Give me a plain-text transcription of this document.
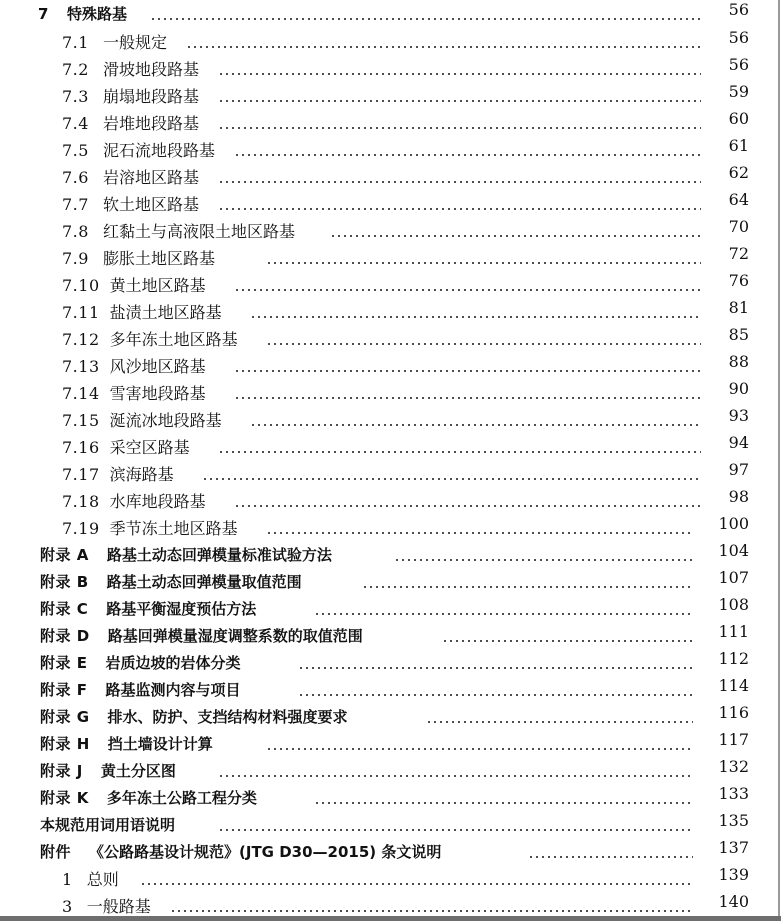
7 特殊路基	56
7.1 一般规定	56
7.2 滑坡地段路基	56
7.3 崩塌地段路基	59
7.4 岩堆地段路基	60
7.5 泥石流地段路基	61
7.6 岩溶地区路基	62
7.7 软土地区路基	64
7.8 红黏土与高液限土地区路基	70
7.9 膨胀土地区路基	72
7.10 黄土地区路基	76
7.11 盐渍土地区路基	81
7.12 多年冻土地区路基	85
7.13 风沙地区路基	88
7.14 雪害地段路基	90
7.15 涎流冰地段路基	93
7.16 采空区路基	94
7.17 滨海路基	97
7.18 水库地段路基	98
7.19 季节冻土地区路基	100
附录 A 路基土动态回弹模量标准试验方法	104
附录 B 路基土动态回弹模量取值范围	107
附录 C 路基平衡湿度预估方法	108
附录 D 路基回弹模量湿度调整系数的取值范围	111
附录 E 岩质边坡的岩体分类	112
附录 F 路基监测内容与项目	114
附录 G 排水、防护、支挡结构材料强度要求	116
附录 H 挡土墙设计计算	117
附录 J 黄土分区图	132
附录 K 多年冻土公路工程分类	133
本规范用词用语说明	135
附件 《公路路基设计规范》(JTG D30—2015) 条文说明	137
1 总则	139
3 一般路基	140
